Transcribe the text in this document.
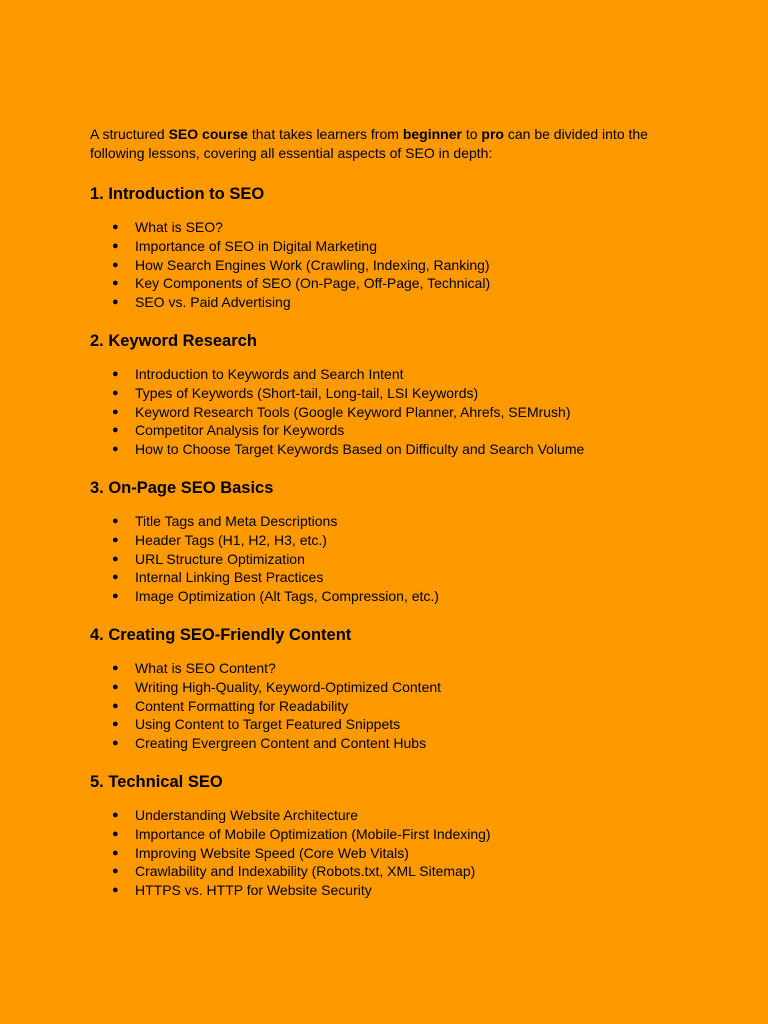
A structured SEO course that takes learners from beginner to pro can be divided into the following lessons, covering all essential aspects of SEO in depth:

1. Introduction to SEO
● What is SEO?
● Importance of SEO in Digital Marketing
● How Search Engines Work (Crawling, Indexing, Ranking)
● Key Components of SEO (On-Page, Off-Page, Technical)
● SEO vs. Paid Advertising
2. Keyword Research
● Introduction to Keywords and Search Intent
● Types of Keywords (Short-tail, Long-tail, LSI Keywords)
● Keyword Research Tools (Google Keyword Planner, Ahrefs, SEMrush)
● Competitor Analysis for Keywords
● How to Choose Target Keywords Based on Difficulty and Search Volume
3. On-Page SEO Basics
● Title Tags and Meta Descriptions
● Header Tags (H1, H2, H3, etc.)
● URL Structure Optimization
● Internal Linking Best Practices
● Image Optimization (Alt Tags, Compression, etc.)
4. Creating SEO-Friendly Content
● What is SEO Content?
● Writing High-Quality, Keyword-Optimized Content
● Content Formatting for Readability
● Using Content to Target Featured Snippets
● Creating Evergreen Content and Content Hubs
5. Technical SEO
● Understanding Website Architecture
● Importance of Mobile Optimization (Mobile-First Indexing)
● Improving Website Speed (Core Web Vitals)
● Crawlability and Indexability (Robots.txt, XML Sitemap)
● HTTPS vs. HTTP for Website Security
